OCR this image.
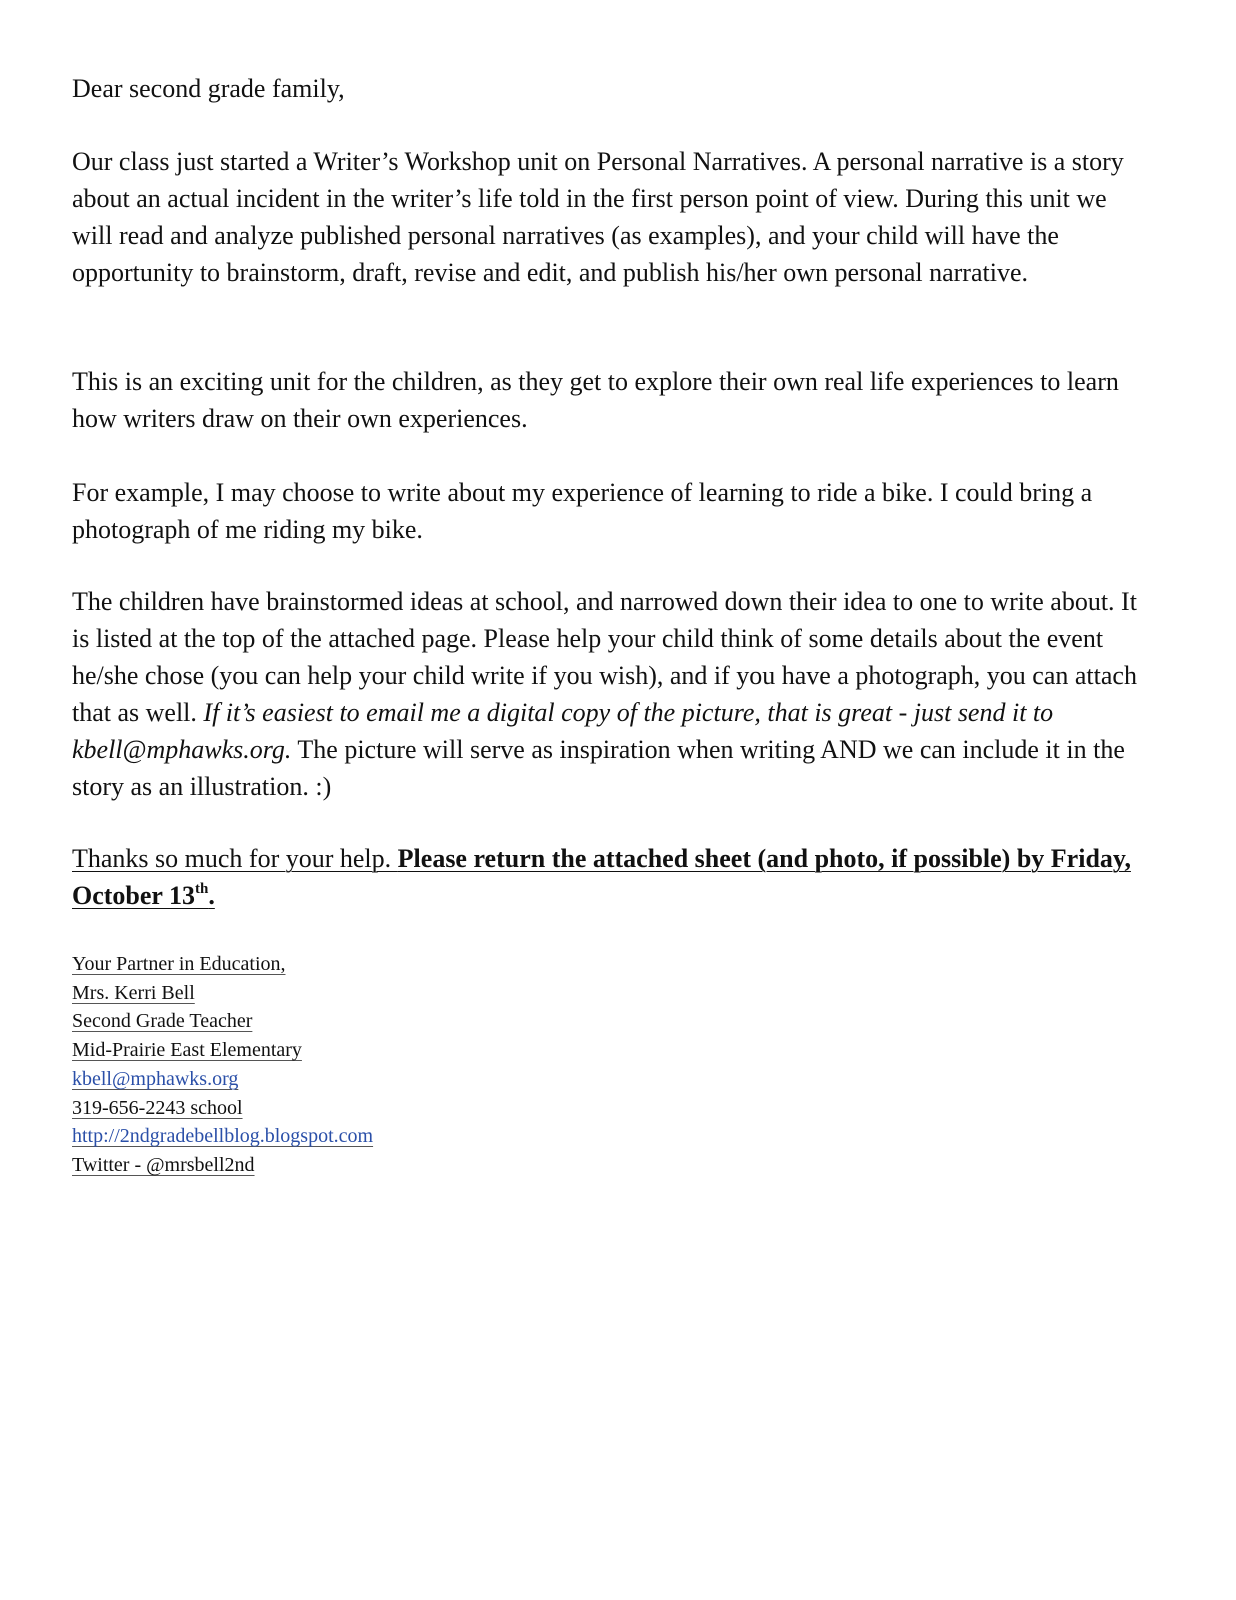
Dear second grade family,

Our class just started a Writer’s Workshop unit on Personal Narratives. A personal narrative is a story about an actual incident in the writer’s life told in the first person point of view. During this unit we will read and analyze published personal narratives (as examples), and your child will have the opportunity to brainstorm, draft, revise and edit, and publish his/her own personal narrative.

This is an exciting unit for the children, as they get to explore their own real life experiences to learn how writers draw on their own experiences.

For example, I may choose to write about my experience of learning to ride a bike. I could bring a photograph of me riding my bike.

The children have brainstormed ideas at school, and narrowed down their idea to one to write about. It is listed at the top of the attached page. Please help your child think of some details about the event he/she chose (you can help your child write if you wish), and if you have a photograph, you can attach that as well. If it’s easiest to email me a digital copy of the picture, that is great - just send it to kbell@mphawks.org. The picture will serve as inspiration when writing AND we can include it in the story as an illustration. :)

Thanks so much for your help. Please return the attached sheet (and photo, if possible) by Friday, October 13th.

Your Partner in Education,
Mrs. Kerri Bell
Second Grade Teacher
Mid-Prairie East Elementary
kbell@mphawks.org
319-656-2243 school
http://2ndgradebellblog.blogspot.com
Twitter - @mrsbell2nd
